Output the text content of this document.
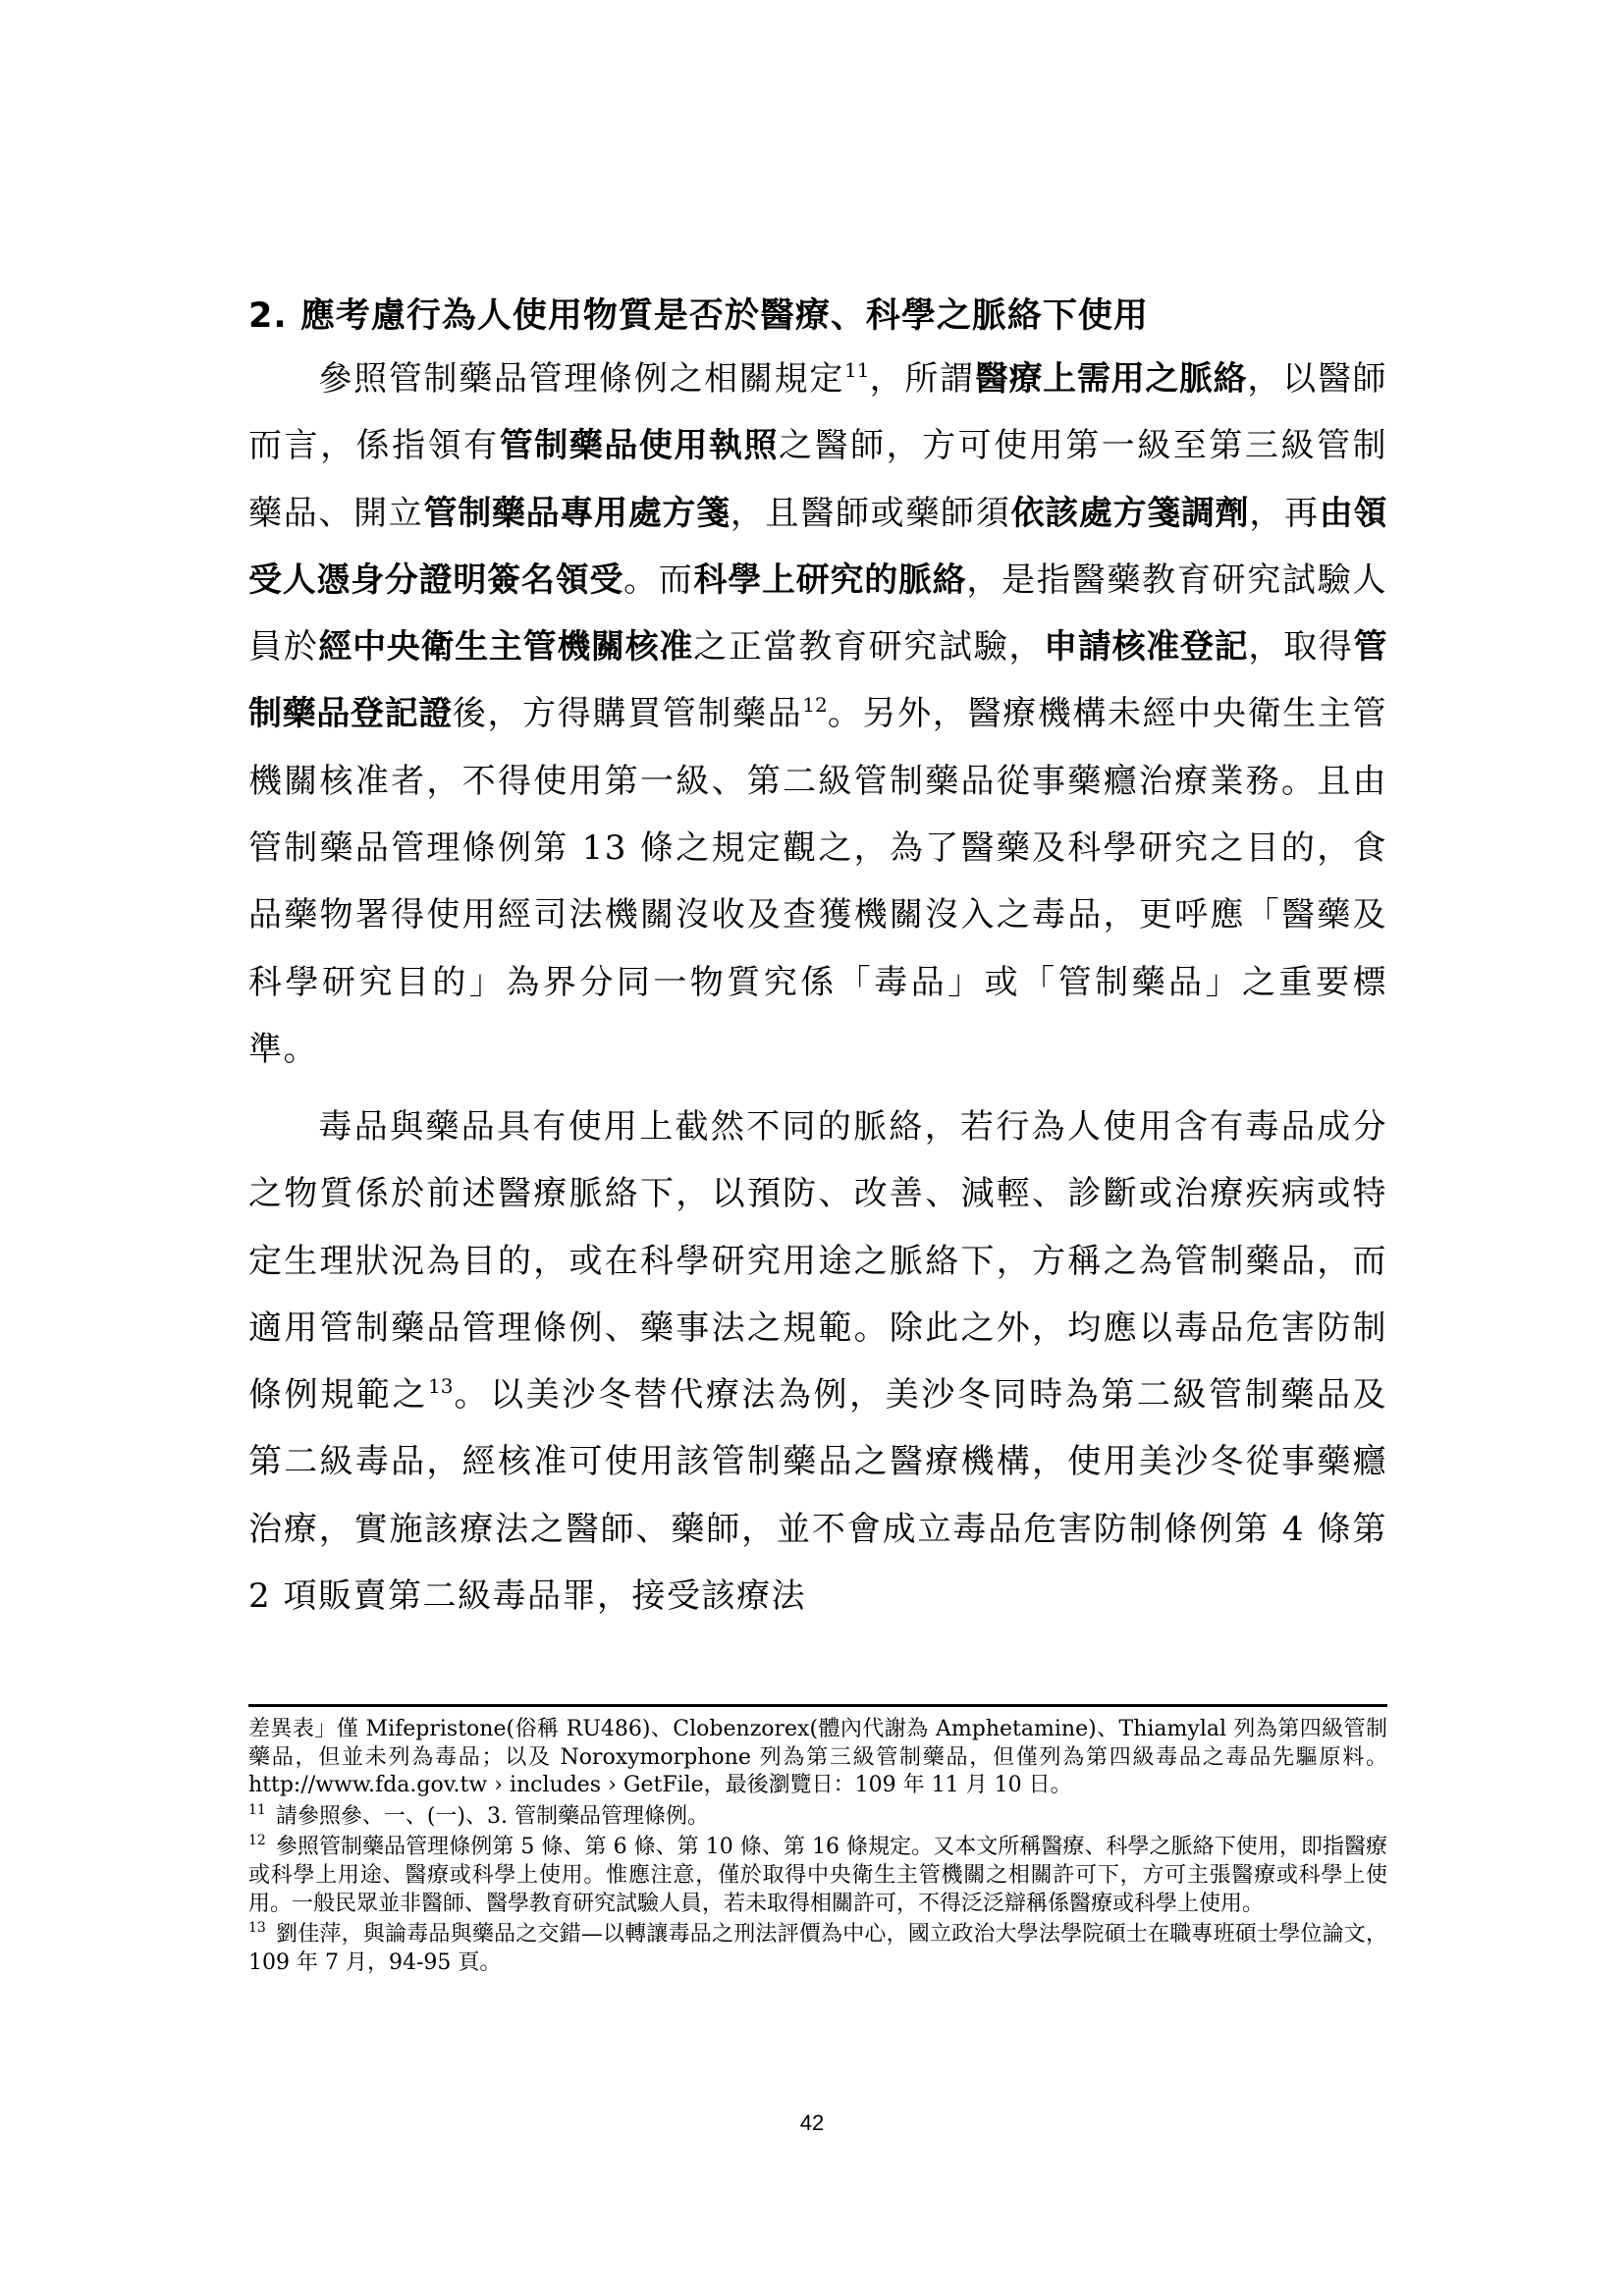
2. 應考慮行為人使用物質是否於醫療、科學之脈絡下使用

參照管制藥品管理條例之相關規定$^{11}$，所謂醫療上需用之脈絡，以醫師而言，係指領有管制藥品使用執照之醫師，方可使用第一級至第三級管制藥品、開立管制藥品專用處方箋，且醫師或藥師須依該處方箋調劑，再由領受人憑身分證明簽名領受。而科學上研究的脈絡，是指醫藥教育研究試驗人員於經中央衛生主管機關核准之正當教育研究試驗，申請核准登記，取得管制藥品登記證後，方得購買管制藥品$^{12}$。另外，醫療機構未經中央衛生主管機關核准者，不得使用第一級、第二級管制藥品從事藥癮治療業務。且由管制藥品管理條例第 13 條之規定觀之，為了醫藥及科學研究之目的，食品藥物署得使用經司法機關沒收及查獲機關沒入之毒品，更呼應「醫藥及科學研究目的」為界分同一物質究係「毒品」或「管制藥品」之重要標準。

毒品與藥品具有使用上截然不同的脈絡，若行為人使用含有毒品成分之物質係於前述醫療脈絡下，以預防、改善、減輕、診斷或治療疾病或特定生理狀況為目的，或在科學研究用途之脈絡下，方稱之為管制藥品，而適用管制藥品管理條例、藥事法之規範。除此之外，均應以毒品危害防制條例規範之$^{13}$。以美沙冬替代療法為例，美沙冬同時為第二級管制藥品及第二級毒品，經核准可使用該管制藥品之醫療機構，使用美沙冬從事藥癮治療，實施該療法之醫師、藥師，並不會成立毒品危害防制條例第 4 條第 2 項販賣第二級毒品罪，接受該療法

差異表」僅 Mifepristone(俗稱 RU486)、Clobenzorex(體內代謝為 Amphetamine)、Thiamylal 列為第四級管制藥品，但並未列為毒品；以及 Noroxymorphone 列為第三級管制藥品，但僅列為第四級毒品之毒品先驅原料。http://www.fda.gov.tw › includes › GetFile，最後瀏覽日：109 年 11 月 10 日。

$^{11}$ 請參照參、一、(一)、3. 管制藥品管理條例。

$^{12}$ 參照管制藥品管理條例第 5 條、第 6 條、第 10 條、第 16 條規定。又本文所稱醫療、科學之脈絡下使用，即指醫療或科學上用途、醫療或科學上使用。惟應注意，僅於取得中央衛生主管機關之相關許可下，方可主張醫療或科學上使用。一般民眾並非醫師、醫學教育研究試驗人員，若未取得相關許可，不得泛泛辯稱係醫療或科學上使用。

$^{13}$ 劉佳萍，與論毒品與藥品之交錯—以轉讓毒品之刑法評價為中心，國立政治大學法學院碩士在職專班碩士學位論文，109 年 7 月，94-95 頁。

42
